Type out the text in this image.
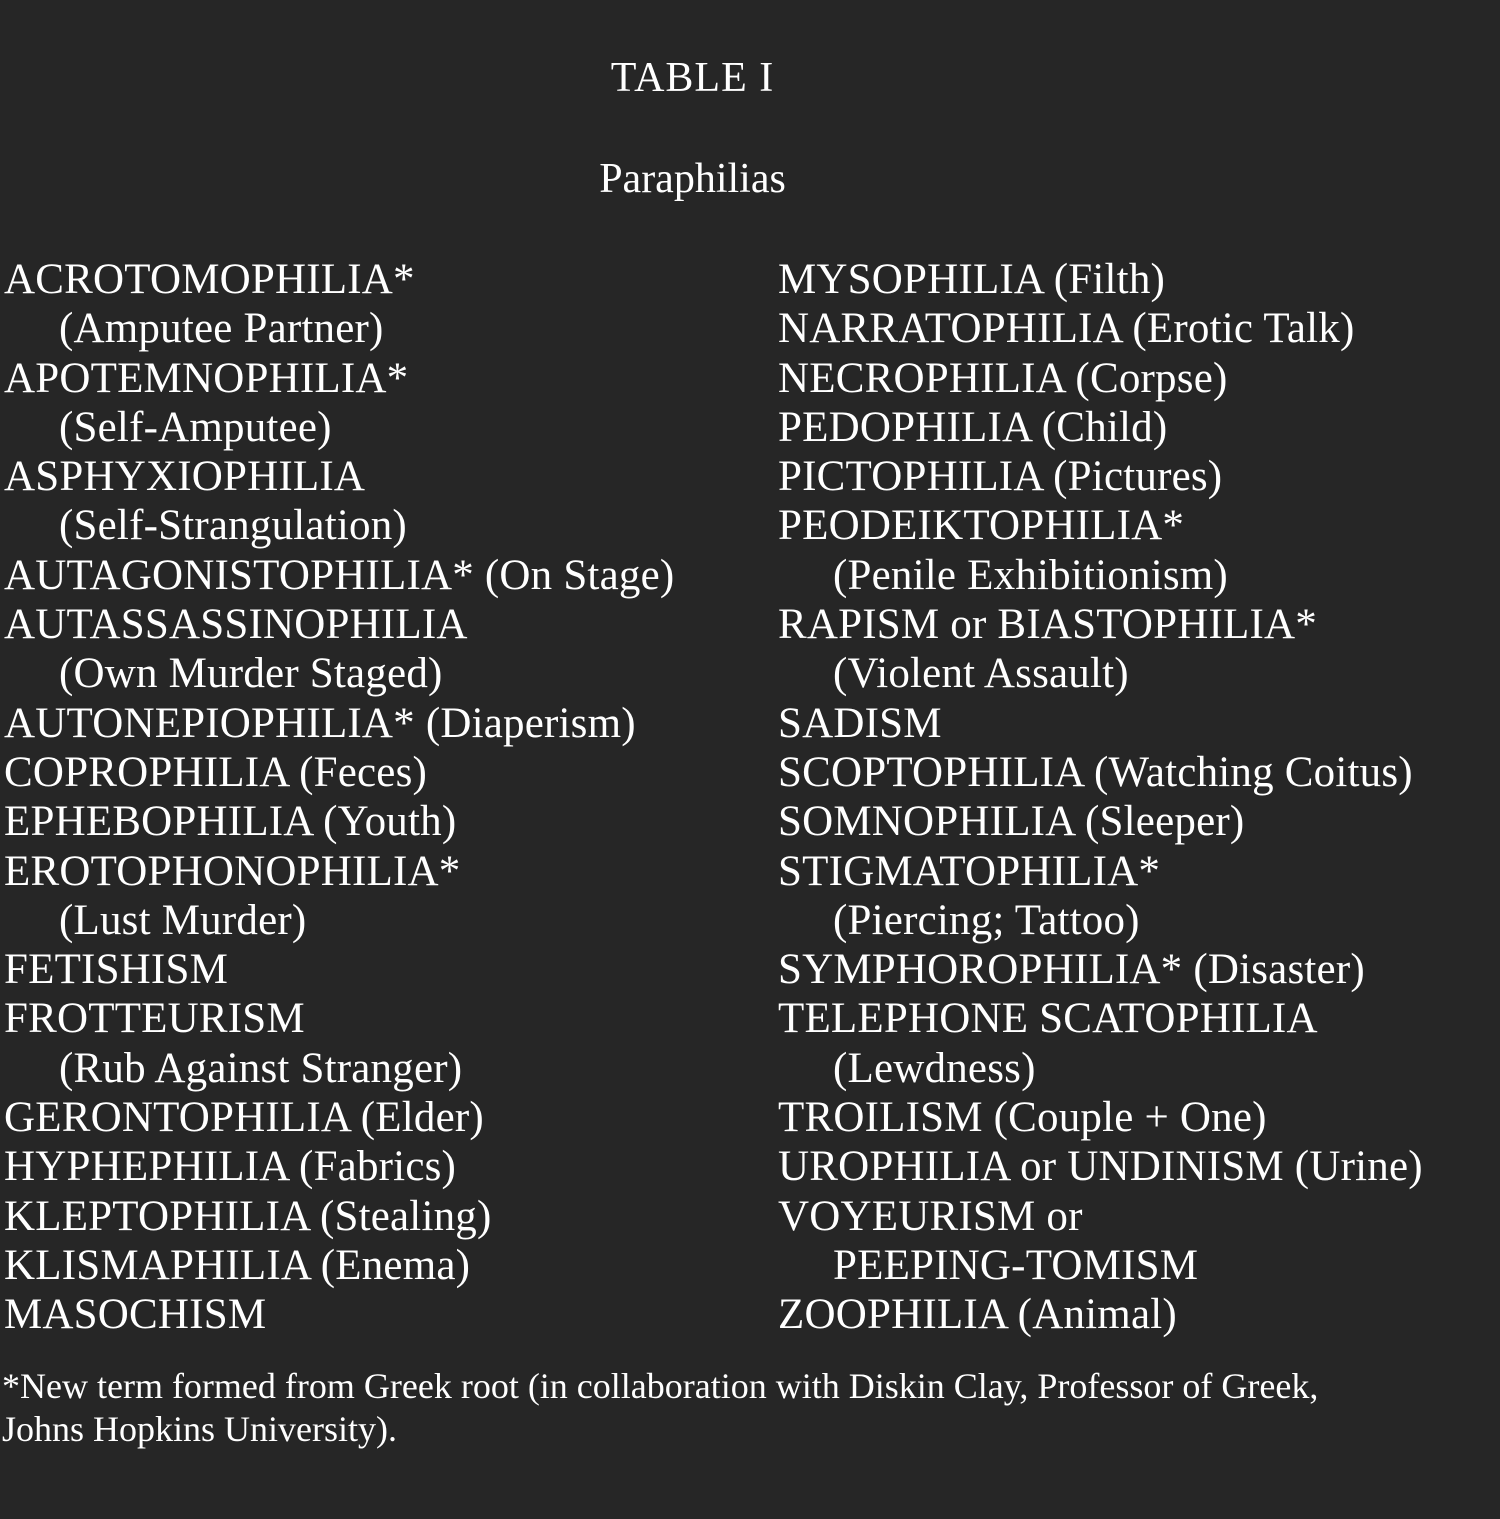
TABLE I
Paraphilias
ACROTOMOPHILIA*
(Amputee Partner)
APOTEMNOPHILIA*
(Self-Amputee)
ASPHYXIOPHILIA
(Self-Strangulation)
AUTAGONISTOPHILIA* (On Stage)
AUTASSASSINOPHILIA
(Own Murder Staged)
AUTONEPIOPHILIA* (Diaperism)
COPROPHILIA (Feces)
EPHEBOPHILIA (Youth)
EROTOPHONOPHILIA*
(Lust Murder)
FETISHISM
FROTTEURISM
(Rub Against Stranger)
GERONTOPHILIA (Elder)
HYPHEPHILIA (Fabrics)
KLEPTOPHILIA (Stealing)
KLISMAPHILIA (Enema)
MASOCHISM
MYSOPHILIA (Filth)
NARRATOPHILIA (Erotic Talk)
NECROPHILIA (Corpse)
PEDOPHILIA (Child)
PICTOPHILIA (Pictures)
PEODEIKTOPHILIA*
(Penile Exhibitionism)
RAPISM or BIASTOPHILIA*
(Violent Assault)
SADISM
SCOPTOPHILIA (Watching Coitus)
SOMNOPHILIA (Sleeper)
STIGMATOPHILIA*
(Piercing; Tattoo)
SYMPHOROPHILIA* (Disaster)
TELEPHONE SCATOPHILIA
(Lewdness)
TROILISM (Couple + One)
UROPHILIA or UNDINISM (Urine)
VOYEURISM or
PEEPING-TOMISM
ZOOPHILIA (Animal)
*New term formed from Greek root (in collaboration with Diskin Clay, Professor of Greek,
Johns Hopkins University).
